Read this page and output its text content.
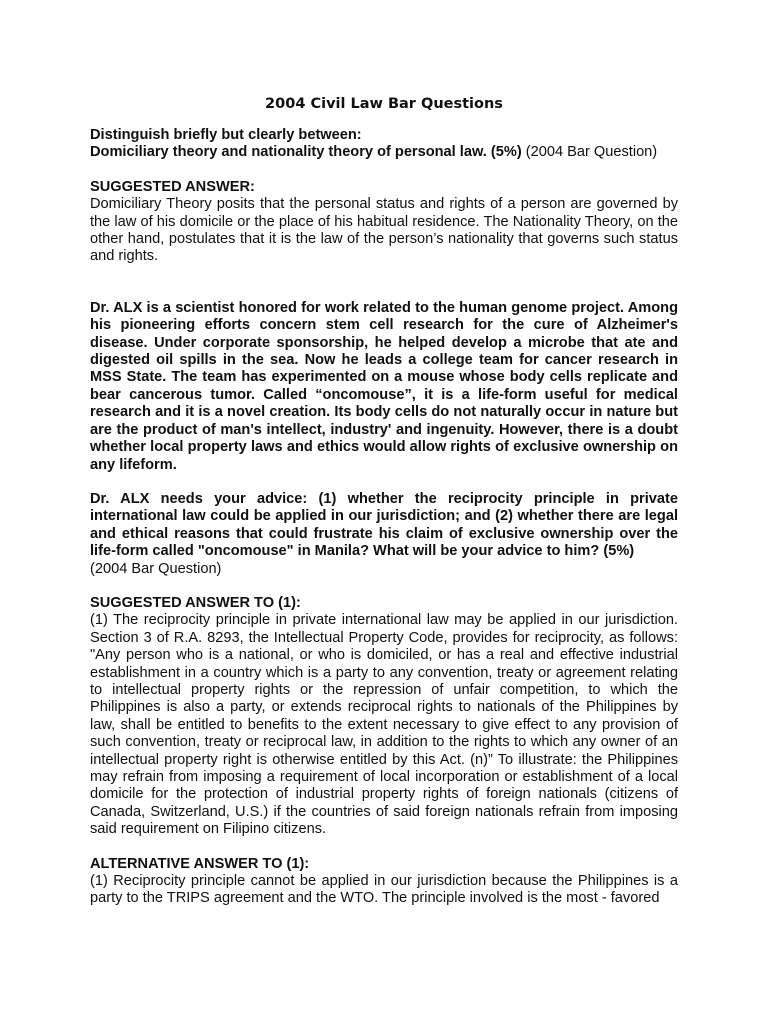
2004 Civil Law Bar Questions

Distinguish briefly but clearly between:

Domiciliary theory and nationality theory of personal law. (5%) (2004 Bar Question)

SUGGESTED ANSWER:

Domiciliary Theory posits that the personal status and rights of a person are governed by the law of his domicile or the place of his habitual residence. The Nationality Theory, on the other hand, postulates that it is the law of the person’s nationality that governs such status and rights.

Dr. ALX is a scientist honored for work related to the human genome project. Among his pioneering efforts concern stem cell research for the cure of Alzheimer's disease. Under corporate sponsorship, he helped develop a microbe that ate and digested oil spills in the sea. Now he leads a college team for cancer research in MSS State. The team has experimented on a mouse whose body cells replicate and bear cancerous tumor. Called “oncomouse”, it is a life-form useful for medical research and it is a novel creation. Its body cells do not naturally occur in nature but are the product of man's intellect, industry' and ingenuity. However, there is a doubt whether local property laws and ethics would allow rights of exclusive ownership on any lifeform.

Dr. ALX needs your advice: (1) whether the reciprocity principle in private international law could be applied in our jurisdiction; and (2) whether there are legal and ethical reasons that could frustrate his claim of exclusive ownership over the life-form called "oncomouse" in Manila? What will be your advice to him? (5%)

(2004 Bar Question)

SUGGESTED ANSWER TO (1):

(1) The reciprocity principle in private international law may be applied in our jurisdiction. Section 3 of R.A. 8293, the Intellectual Property Code, provides for reciprocity, as follows: "Any person who is a national, or who is domiciled, or has a real and effective industrial establishment in a country which is a party to any convention, treaty or agreement relating to intellectual property rights or the repression of unfair competition, to which the Philippines is also a party, or extends reciprocal rights to nationals of the Philippines by law, shall be entitled to benefits to the extent necessary to give effect to any provision of such convention, treaty or reciprocal law, in addition to the rights to which any owner of an intellectual property right is otherwise entitled by this Act. (n)” To illustrate: the Philippines may refrain from imposing a requirement of local incorporation or establishment of a local domicile for the protection of industrial property rights of foreign nationals (citizens of Canada, Switzerland, U.S.) if the countries of said foreign nationals refrain from imposing said requirement on Filipino citizens.

ALTERNATIVE ANSWER TO (1):

(1) Reciprocity principle cannot be applied in our jurisdiction because the Philippines is a party to the TRIPS agreement and the WTO. The principle involved is the most - favored
